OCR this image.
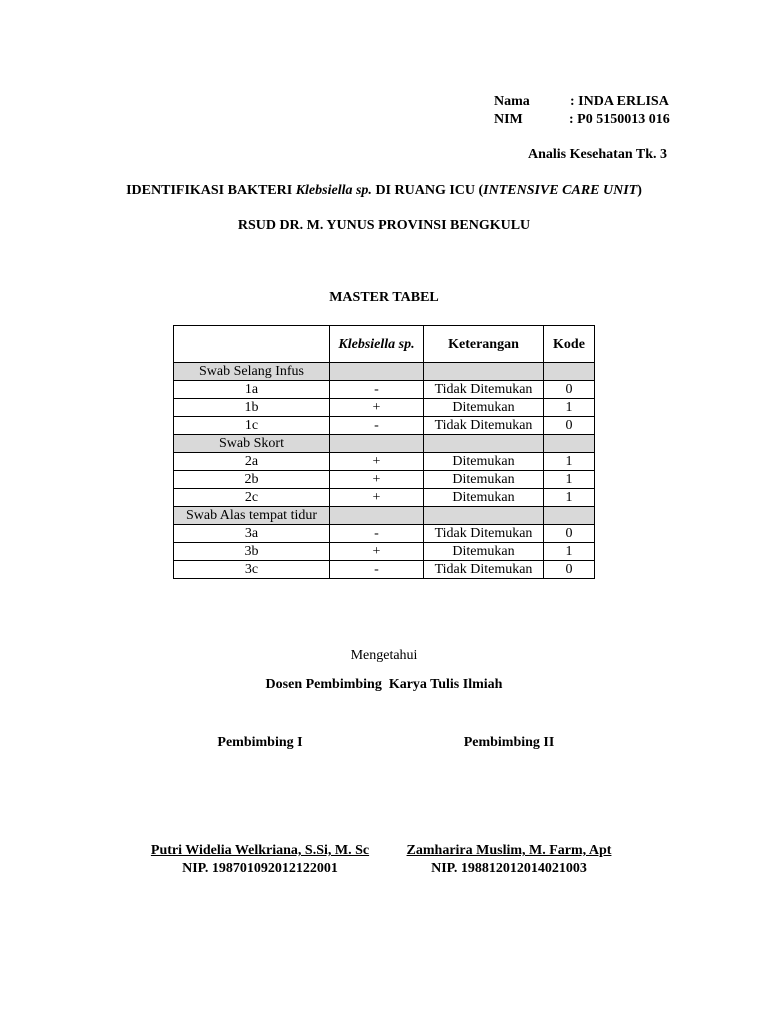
Nama	: INDA ERLISA
NIM	: P0 5150013 016
Analis Kesehatan Tk. 3
IDENTIFIKASI BAKTERI Klebsiella sp. DI RUANG ICU (INTENSIVE CARE UNIT)
RSUD DR. M. YUNUS PROVINSI BENGKULU
MASTER TABEL
	Klebsiella sp.	Keterangan	Kode
Swab Selang Infus			
1a	-	Tidak Ditemukan	0
1b	+	Ditemukan	1
1c	-	Tidak Ditemukan	0
Swab Skort			
2a	+	Ditemukan	1
2b	+	Ditemukan	1
2c	+	Ditemukan	1
Swab Alas tempat tidur			
3a	-	Tidak Ditemukan	0
3b	+	Ditemukan	1
3c	-	Tidak Ditemukan	0
Mengetahui
Dosen Pembimbing  Karya Tulis Ilmiah
Pembimbing I	Pembimbing II
Putri Widelia Welkriana, S.Si, M. Sc
NIP. 198701092012122001
Zamharira Muslim, M. Farm, Apt
NIP. 198812012014021003
